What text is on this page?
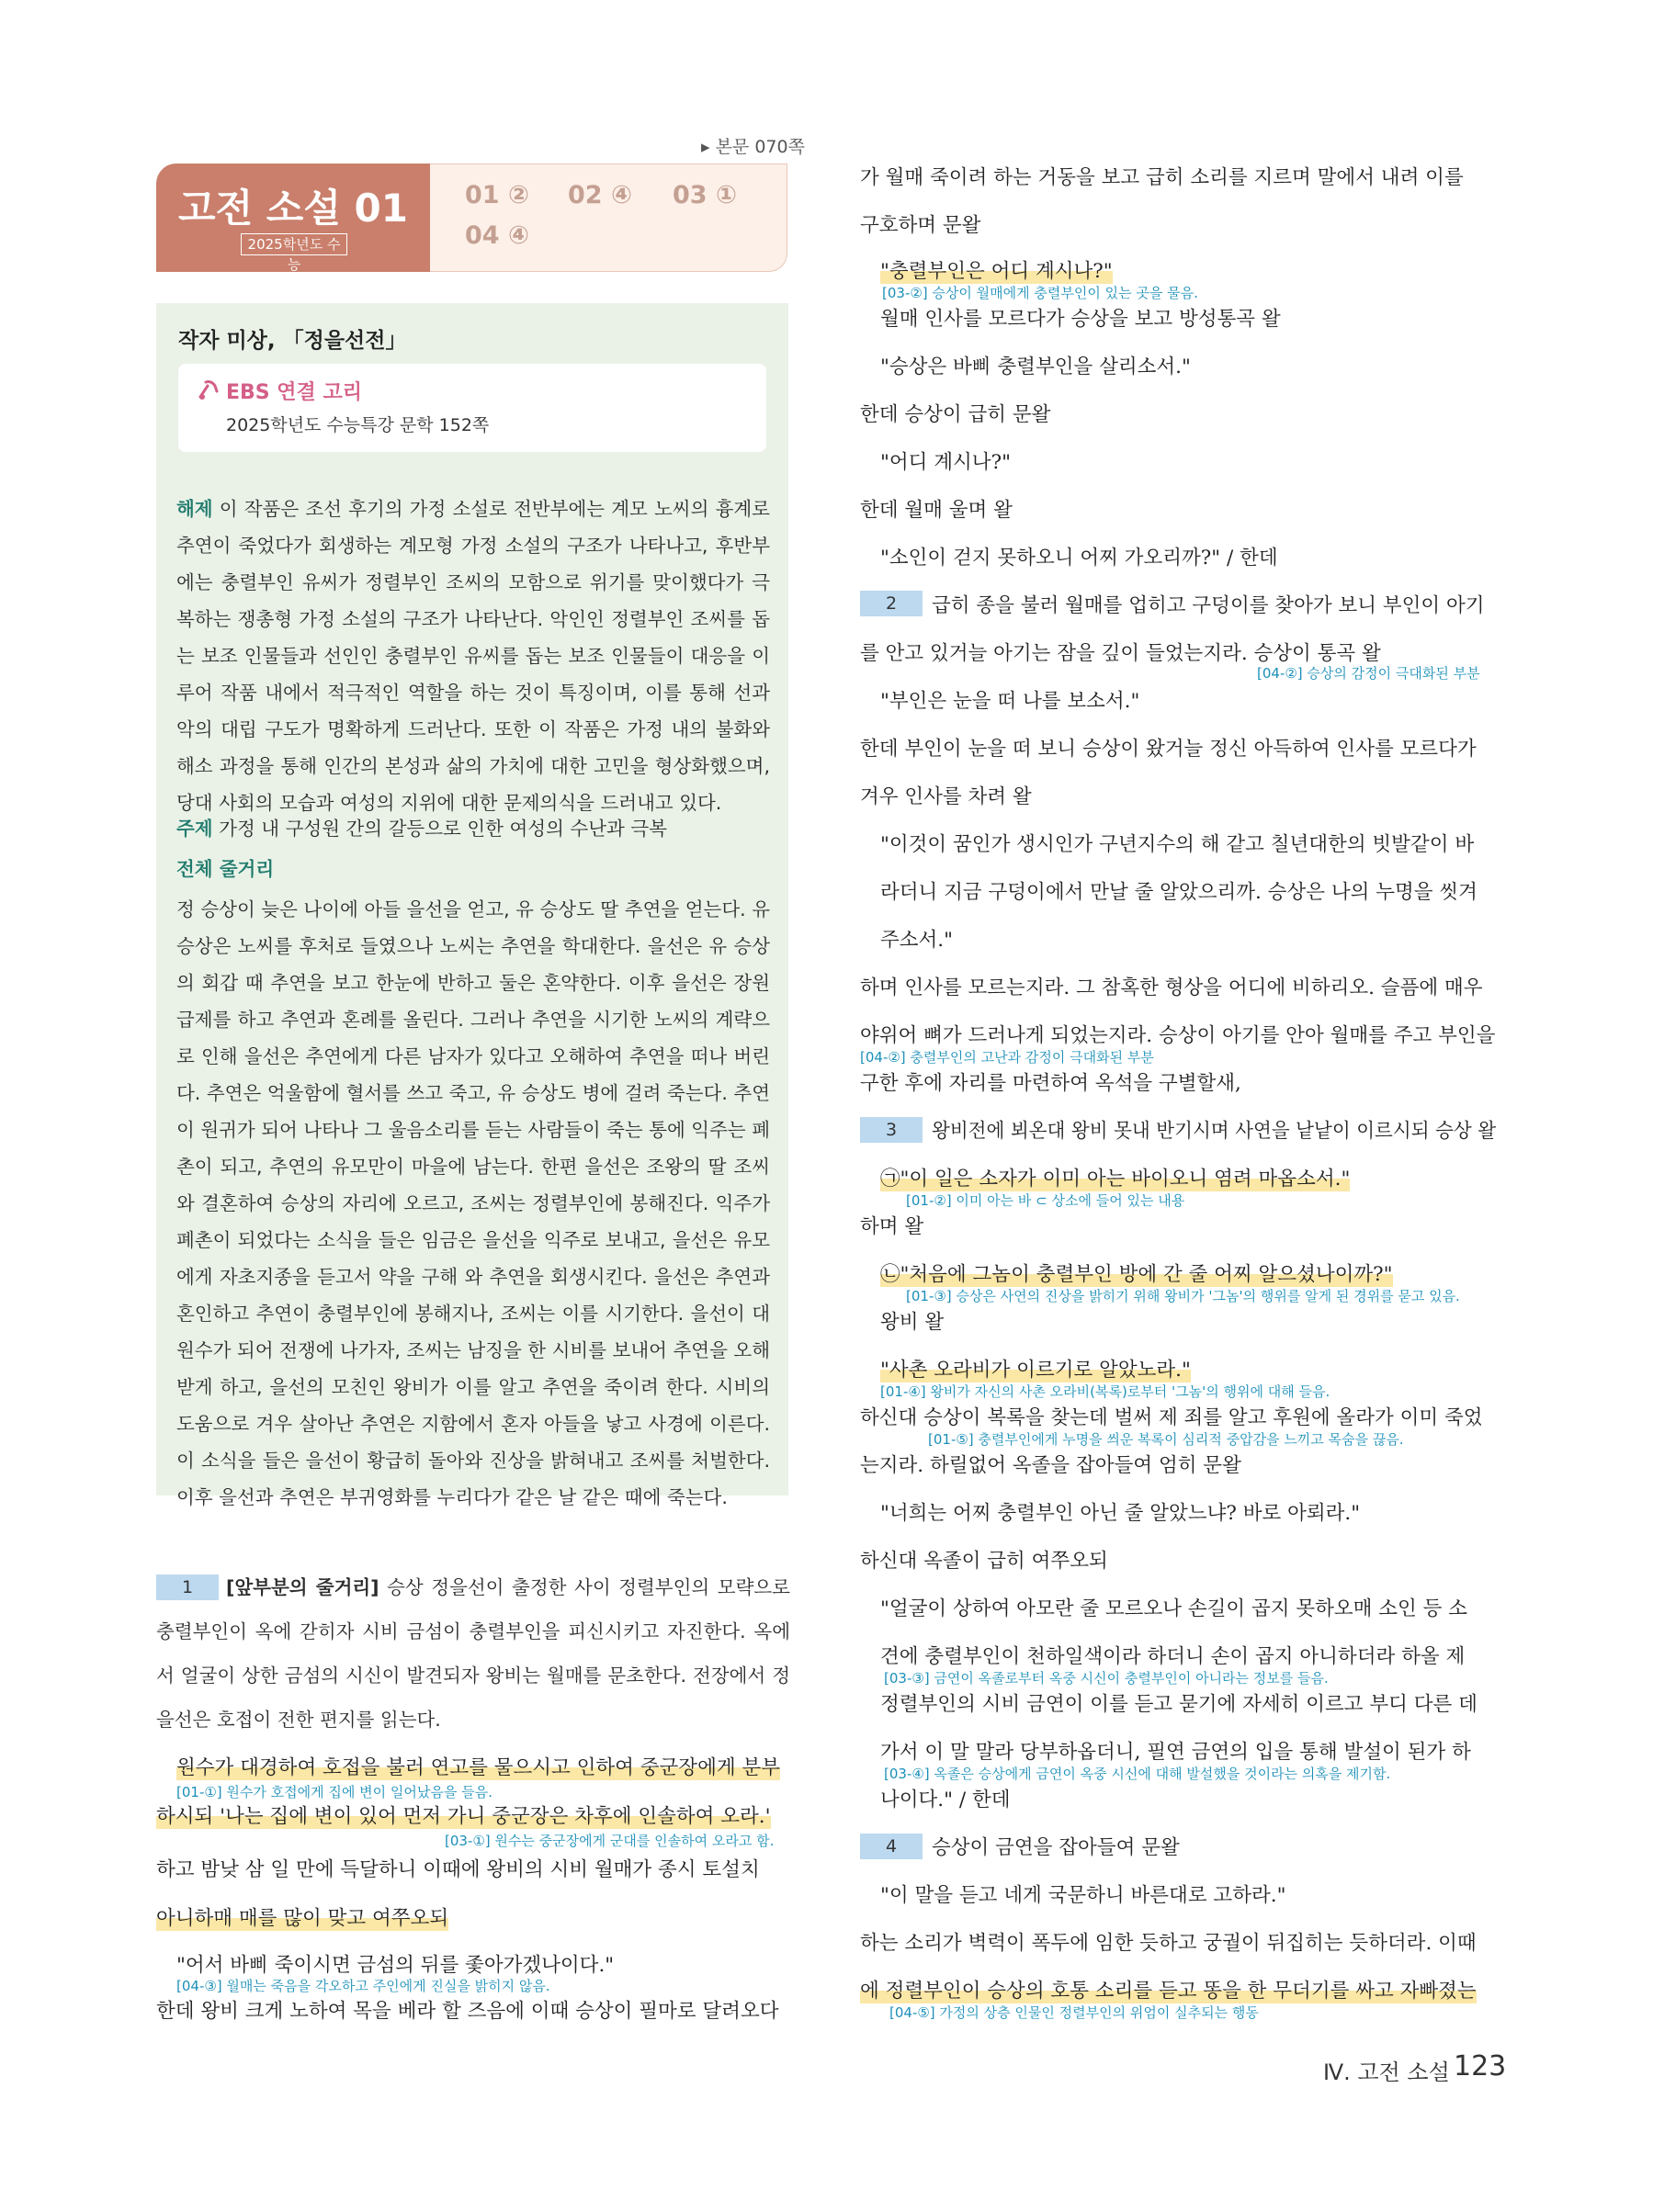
▸ 본문 070쪽
고전 소설 01
2025학년도 수능
01 ② 02 ④ 03 ①
04 ④
작자 미상, 「정을선전」
EBS 연결 고리
2025학년도 수능특강 문학 152쪽
해제 이 작품은 조선 후기의 가정 소설로 전반부에는 계모 노씨의 흉계로 추연이 죽었다가 회생하는 계모형 가정 소설의 구조가 나타나고, 후반부에는 충렬부인 유씨가 정렬부인 조씨의 모함으로 위기를 맞이했다가 극복하는 쟁총형 가정 소설의 구조가 나타난다. 악인인 정렬부인 조씨를 돕는 보조 인물들과 선인인 충렬부인 유씨를 돕는 보조 인물들이 대응을 이루어 작품 내에서 적극적인 역할을 하는 것이 특징이며, 이를 통해 선과 악의 대립 구도가 명확하게 드러난다. 또한 이 작품은 가정 내의 불화와 해소 과정을 통해 인간의 본성과 삶의 가치에 대한 고민을 형상화했으며, 당대 사회의 모습과 여성의 지위에 대한 문제의식을 드러내고 있다.
주제 가정 내 구성원 간의 갈등으로 인한 여성의 수난과 극복
전체 줄거리
정 승상이 늦은 나이에 아들 을선을 얻고, 유 승상도 딸 추연을 얻는다. 유 승상은 노씨를 후처로 들였으나 노씨는 추연을 학대한다. 을선은 유 승상의 회갑 때 추연을 보고 한눈에 반하고 둘은 혼약한다. 이후 을선은 장원 급제를 하고 추연과 혼례를 올린다. 그러나 추연을 시기한 노씨의 계략으로 인해 을선은 추연에게 다른 남자가 있다고 오해하여 추연을 떠나 버린다. 추연은 억울함에 혈서를 쓰고 죽고, 유 승상도 병에 걸려 죽는다. 추연이 원귀가 되어 나타나 그 울음소리를 듣는 사람들이 죽는 통에 익주는 폐촌이 되고, 추연의 유모만이 마을에 남는다. 한편 을선은 조왕의 딸 조씨와 결혼하여 승상의 자리에 오르고, 조씨는 정렬부인에 봉해진다. 익주가 폐촌이 되었다는 소식을 들은 임금은 을선을 익주로 보내고, 을선은 유모에게 자초지종을 듣고서 약을 구해 와 추연을 회생시킨다. 을선은 추연과 혼인하고 추연이 충렬부인에 봉해지나, 조씨는 이를 시기한다. 을선이 대원수가 되어 전쟁에 나가자, 조씨는 남징을 한 시비를 보내어 추연을 오해받게 하고, 을선의 모친인 왕비가 이를 알고 추연을 죽이려 한다. 시비의 도움으로 겨우 살아난 추연은 지함에서 혼자 아들을 낳고 사경에 이른다. 이 소식을 들은 을선이 황급히 돌아와 진상을 밝혀내고 조씨를 처벌한다. 이후 을선과 추연은 부귀영화를 누리다가 같은 날 같은 때에 죽는다.
1 [앞부분의 줄거리] 승상 정을선이 출정한 사이 정렬부인의 모략으로 충렬부인이 옥에 갇히자 시비 금섬이 충렬부인을 피신시키고 자진한다. 옥에서 얼굴이 상한 금섬의 시신이 발견되자 왕비는 월매를 문초한다. 전장에서 정을선은 호접이 전한 편지를 읽는다.
원수가 대경하여 호접을 불러 연고를 물으시고 인하여 중군장에게 분부
[01-①] 원수가 호접에게 집에 변이 일어났음을 들음.
하시되 '나는 집에 변이 있어 먼저 가니 중군장은 차후에 인솔하여 오라.'
[03-①] 원수는 중군장에게 군대를 인솔하여 오라고 함.
하고 밤낮 삼 일 만에 득달하니 이때에 왕비의 시비 월매가 종시 토설치
아니하매 매를 많이 맞고 여쭈오되
"어서 바삐 죽이시면 금섬의 뒤를 좇아가겠나이다."
[04-③] 월매는 죽음을 각오하고 주인에게 진실을 밝히지 않음.
한데 왕비 크게 노하여 목을 베라 할 즈음에 이때 승상이 필마로 달려오다
가 월매 죽이려 하는 거동을 보고 급히 소리를 지르며 말에서 내려 이를
구호하며 문왈
"충렬부인은 어디 계시나?"
[03-②] 승상이 월매에게 충렬부인이 있는 곳을 물음.
월매 인사를 모르다가 승상을 보고 방성통곡 왈
"승상은 바삐 충렬부인을 살리소서."
한데 승상이 급히 문왈
"어디 계시나?"
한데 월매 울며 왈
"소인이 걷지 못하오니 어찌 가오리까?" / 한데
2	급히 종을 불러 월매를 업히고 구덩이를 찾아가 보니 부인이 아기
를 안고 있거늘 아기는 잠을 깊이 들었는지라. 승상이 통곡 왈
[04-②] 승상의 감정이 극대화된 부분
"부인은 눈을 떠 나를 보소서."
한데 부인이 눈을 떠 보니 승상이 왔거늘 정신 아득하여 인사를 모르다가
겨우 인사를 차려 왈
"이것이 꿈인가 생시인가 구년지수의 해 같고 칠년대한의 빗발같이 바
라더니 지금 구덩이에서 만날 줄 알았으리까. 승상은 나의 누명을 씻겨
주소서."
하며 인사를 모르는지라. 그 참혹한 형상을 어디에 비하리오. 슬픔에 매우
야위어 뼈가 드러나게 되었는지라. 승상이 아기를 안아 월매를 주고 부인을
[04-②] 충렬부인의 고난과 감정이 극대화된 부분
구한 후에 자리를 마련하여 옥석을 구별할새,
3	왕비전에 뵈온대 왕비 못내 반기시며 사연을 낱낱이 이르시되 승상 왈
㉠"이 일은 소자가 이미 아는 바이오니 염려 마옵소서."
[01-②] 이미 아는 바 ⊂ 상소에 들어 있는 내용
하며 왈
㉡"처음에 그놈이 충렬부인 방에 간 줄 어찌 알으셨나이까?"
[01-③] 승상은 사연의 진상을 밝히기 위해 왕비가 '그놈'의 행위를 알게 된 경위를 묻고 있음.
왕비 왈
"사촌 오라비가 이르기로 알았노라."
[01-④] 왕비가 자신의 사촌 오라비(복록)로부터 '그놈'의 행위에 대해 들음.
하신대 승상이 복록을 찾는데 벌써 제 죄를 알고 후원에 올라가 이미 죽었
[01-⑤] 충렬부인에게 누명을 씌운 복록이 심리적 중압감을 느끼고 목숨을 끊음.
는지라. 하릴없어 옥졸을 잡아들여 엄히 문왈
"너희는 어찌 충렬부인 아닌 줄 알았느냐? 바로 아뢰라."
하신대 옥졸이 급히 여쭈오되
"얼굴이 상하여 아모란 줄 모르오나 손길이 곱지 못하오매 소인 등 소
견에 충렬부인이 천하일색이라 하더니 손이 곱지 아니하더라 하올 제
[03-③] 금연이 옥졸로부터 옥중 시신이 충렬부인이 아니라는 정보를 들음.
정렬부인의 시비 금연이 이를 듣고 묻기에 자세히 이르고 부디 다른 데
가서 이 말 말라 당부하옵더니, 필연 금연의 입을 통해 발설이 된가 하
[03-④] 옥졸은 승상에게 금연이 옥중 시신에 대해 발설했을 것이라는 의혹을 제기함.
나이다." / 한데
4	승상이 금연을 잡아들여 문왈
"이 말을 듣고 네게 국문하니 바른대로 고하라."
하는 소리가 벽력이 폭두에 임한 듯하고 궁궐이 뒤집히는 듯하더라. 이때
에 정렬부인이 승상의 호통 소리를 듣고 똥을 한 무더기를 싸고 자빠졌는
[04-⑤] 가정의 상층 인물인 정렬부인의 위엄이 실추되는 행동
Ⅳ. 고전 소설 123
